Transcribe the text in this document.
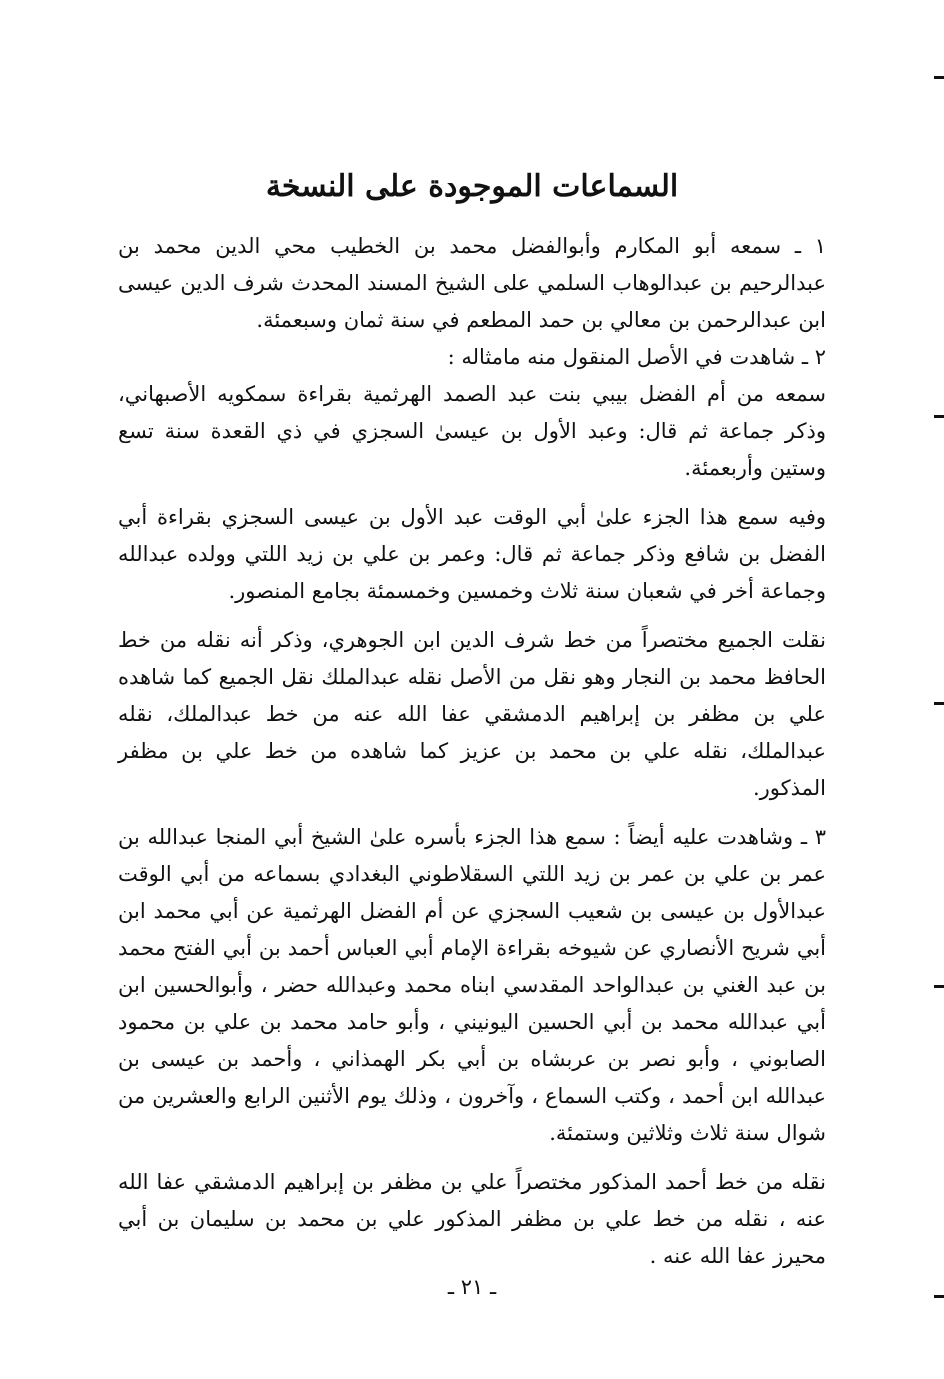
السماعات الموجودة على النسخة

١ ـ سمعه أبو المكارم وأبوالفضل محمد بن الخطيب محي الدين محمد بن عبدالرحيم بن عبدالوهاب السلمي على الشيخ المسند المحدث شرف الدين عيسى ابن عبدالرحمن بن معالي بن حمد المطعم في سنة ثمان وسبعمئة.

٢ ـ شاهدت في الأصل المنقول منه مامثاله :

سمعه من أم الفضل بيبي بنت عبد الصمد الهرثمية بقراءة سمكويه الأصبهاني، وذكر جماعة ثم قال: وعبد الأول بن عيسىٰ السجزي في ذي القعدة سنة تسع وستين وأربعمئة.

وفيه سمع هذا الجزء علىٰ أبي الوقت عبد الأول بن عيسى السجزي بقراءة أبي الفضل بن شافع وذكر جماعة ثم قال: وعمر بن علي بن زيد اللتي وولده عبدالله وجماعة أخر في شعبان سنة ثلاث وخمسين وخمسمئة بجامع المنصور.

نقلت الجميع مختصراً من خط شرف الدين ابن الجوهري، وذكر أنه نقله من خط الحافظ محمد بن النجار وهو نقل من الأصل نقله عبدالملك نقل الجميع كما شاهده علي بن مظفر بن إبراهيم الدمشقي عفا الله عنه من خط عبدالملك، نقله عبدالملك، نقله علي بن محمد بن عزيز كما شاهده من خط علي بن مظفر المذكور.

٣ ـ وشاهدت عليه أيضاً : سمع هذا الجزء بأسره علىٰ الشيخ أبي المنجا عبدالله بن عمر بن علي بن عمر بن زيد اللتي السقلاطوني البغدادي بسماعه من أبي الوقت عبدالأول بن عيسى بن شعيب السجزي عن أم الفضل الهرثمية عن أبي محمد ابن أبي شريح الأنصاري عن شيوخه بقراءة الإمام أبي العباس أحمد بن أبي الفتح محمد بن عبد الغني بن عبدالواحد المقدسي ابناه محمد وعبدالله حضر ، وأبوالحسين ابن أبي عبدالله محمد بن أبي الحسين اليونيني ، وأبو حامد محمد بن علي بن محمود الصابوني ، وأبو نصر بن عربشاه بن أبي بكر الهمذاني ، وأحمد بن عيسى بن عبدالله ابن أحمد ، وكتب السماع ، وآخرون ، وذلك يوم الأثنين الرابع والعشرين من شوال سنة ثلاث وثلاثين وستمئة.

نقله من خط أحمد المذكور مختصراً علي بن مظفر بن إبراهيم الدمشقي عفا الله عنه ، نقله من خط علي بن مظفر المذكور علي بن محمد بن سليمان بن أبي محيرز عفا الله عنه .

ـ ٢١ ـ
